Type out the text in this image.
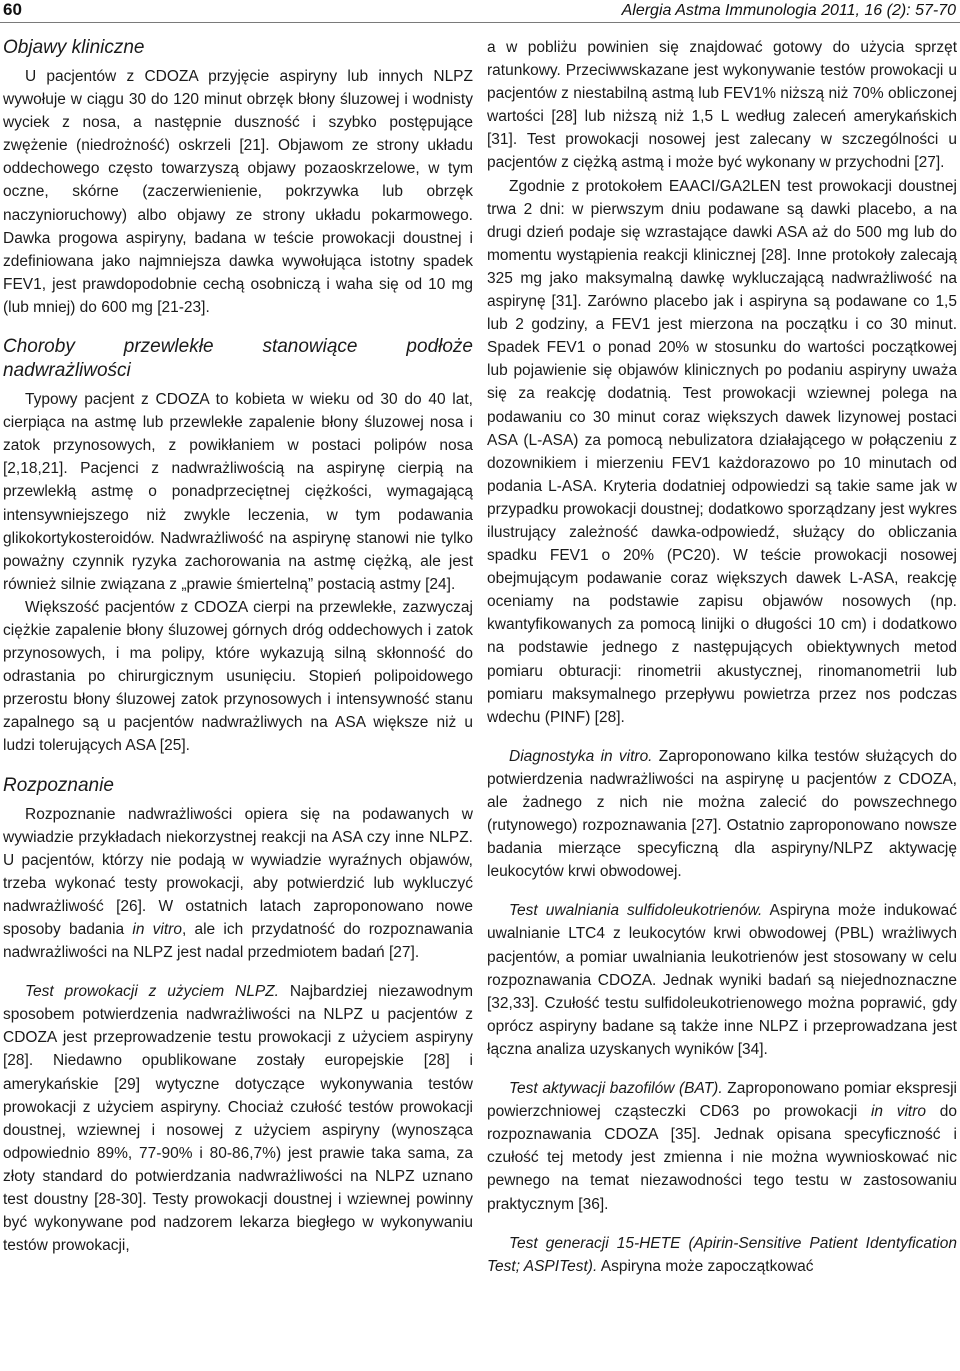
60	Alergia Astma Immunologia 2011, 16 (2): 57-70
Objawy kliniczne

U pacjentów z CDOZA przyjęcie aspiryny lub innych NLPZ wywołuje w ciągu 30 do 120 minut obrzęk błony śluzowej i wodnisty wyciek z nosa, a następnie duszność i szybko postępujące zwężenie (niedrożność) oskrzeli [21]. Objawom ze strony układu oddechowego często towarzyszą objawy pozaoskrzelowe, w tym oczne, skórne (zaczerwienienie, pokrzywka lub obrzęk naczynioruchowy) albo objawy ze strony układu pokarmowego. Dawka progowa aspiryny, badana w teście prowokacji doustnej i zdefiniowana jako najmniejsza dawka wywołująca istotny spadek FEV1, jest prawdopodobnie cechą osobniczą i waha się od 10 mg (lub mniej) do 600 mg [21-23].

Choroby przewlekłe stanowiące podłoże nadwrażliwości

Typowy pacjent z CDOZA to kobieta w wieku od 30 do 40 lat, cierpiąca na astmę lub przewlekłe zapalenie błony śluzowej nosa i zatok przynosowych, z powikłaniem w postaci polipów nosa [2,18,21]. Pacjenci z nadwrażliwością na aspirynę cierpią na przewlekłą astmę o ponadprzeciętnej ciężkości, wymagającą intensywniejszego niż zwykle leczenia, w tym podawania glikokortykosteroidów. Nadwrażliwość na aspirynę stanowi nie tylko poważny czynnik ryzyka zachorowania na astmę ciężką, ale jest również silnie związana z „prawie śmiertelną” postacią astmy [24].

Większość pacjentów z CDOZA cierpi na przewlekłe, zazwyczaj ciężkie zapalenie błony śluzowej górnych dróg oddechowych i zatok przynosowych, i ma polipy, które wykazują silną skłonność do odrastania po chirurgicznym usunięciu. Stopień polipoidowego przerostu błony śluzowej zatok przynosowych i intensywność stanu zapalnego są u pacjentów nadwrażliwych na ASA większe niż u ludzi tolerujących ASA [25].

Rozpoznanie

Rozpoznanie nadwrażliwości opiera się na podawanych w wywiadzie przykładach niekorzystnej reakcji na ASA czy inne NLPZ. U pacjentów, którzy nie podają w wywiadzie wyraźnych objawów, trzeba wykonać testy prowokacji, aby potwierdzić lub wykluczyć nadwrażliwość [26]. W ostatnich latach zaproponowano nowe sposoby badania in vitro, ale ich przydatność do rozpoznawania nadwrażliwości na NLPZ jest nadal przedmiotem badań [27].

Test prowokacji z użyciem NLPZ. Najbardziej niezawodnym sposobem potwierdzenia nadwrażliwości na NLPZ u pacjentów z CDOZA jest przeprowadzenie testu prowokacji z użyciem aspiryny [28]. Niedawno opublikowane zostały europejskie [28] i amerykańskie [29] wytyczne dotyczące wykonywania testów prowokacji z użyciem aspiryny. Chociaż czułość testów prowokacji doustnej, wziewnej i nosowej z użyciem aspiryny (wynosząca odpowiednio 89%, 77-90% i 80-86,7%) jest prawie taka sama, za złoty standard do potwierdzania nadwrażliwości na NLPZ uznano test doustny [28-30]. Testy prowokacji doustnej i wziewnej powinny być wykonywane pod nadzorem lekarza biegłego w wykonywaniu testów prowokacji,

a w pobliżu powinien się znajdować gotowy do użycia sprzęt ratunkowy. Przeciwwskazane jest wykonywanie testów prowokacji u pacjentów z niestabilną astmą lub FEV1% niższą niż 70% obliczonej wartości [28] lub niższą niż 1,5 L według zaleceń amerykańskich [31]. Test prowokacji nosowej jest zalecany w szczególności u pacjentów z ciężką astmą i może być wykonany w przychodni [27].

Zgodnie z protokołem EAACI/GA2LEN test prowokacji doustnej trwa 2 dni: w pierwszym dniu podawane są dawki placebo, a na drugi dzień podaje się wzrastające dawki ASA aż do 500 mg lub do momentu wystąpienia reakcji klinicznej [28]. Inne protokoły zalecają 325 mg jako maksymalną dawkę wykluczającą nadwrażliwość na aspirynę [31]. Zarówno placebo jak i aspiryna są podawane co 1,5 lub 2 godziny, a FEV1 jest mierzona na początku i co 30 minut. Spadek FEV1 o ponad 20% w stosunku do wartości początkowej lub pojawienie się objawów klinicznych po podaniu aspiryny uważa się za reakcję dodatnią. Test prowokacji wziewnej polega na podawaniu co 30 minut coraz większych dawek lizynowej postaci ASA (L-ASA) za pomocą nebulizatora działającego w połączeniu z dozownikiem i mierzeniu FEV1 każdorazowo po 10 minutach od podania L-ASA. Kryteria dodatniej odpowiedzi są takie same jak w przypadku prowokacji doustnej; dodatkowo sporządzany jest wykres ilustrujący zależność dawka-odpowiedź, służący do obliczania spadku FEV1 o 20% (PC20). W teście prowokacji nosowej obejmującym podawanie coraz większych dawek L-ASA, reakcję oceniamy na podstawie zapisu objawów nosowych (np. kwantyfikowanych za pomocą linijki o długości 10 cm) i dodatkowo na podstawie jednego z następujących obiektywnych metod pomiaru obturacji: rinometrii akustycznej, rinomanometrii lub pomiaru maksymalnego przepływu powietrza przez nos podczas wdechu (PINF) [28].

Diagnostyka in vitro. Zaproponowano kilka testów służących do potwierdzenia nadwrażliwości na aspirynę u pacjentów z CDOZA, ale żadnego z nich nie można zalecić do powszechnego (rutynowego) rozpoznawania [27]. Ostatnio zaproponowano nowsze badania mierzące specyficzną dla aspiryny/NLPZ aktywację leukocytów krwi obwodowej.

Test uwalniania sulfidoleukotrienów. Aspiryna może indukować uwalnianie LTC4 z leukocytów krwi obwodowej (PBL) wrażliwych pacjentów, a pomiar uwalniania leukotrienów jest stosowany w celu rozpoznawania CDOZA. Jednak wyniki badań są niejednoznaczne [32,33]. Czułość testu sulfidoleukotrienowego można poprawić, gdy oprócz aspiryny badane są także inne NLPZ i przeprowadzana jest łączna analiza uzyskanych wyników [34].

Test aktywacji bazofilów (BAT). Zaproponowano pomiar ekspresji powierzchniowej cząsteczki CD63 po prowokacji in vitro do rozpoznawania CDOZA [35]. Jednak opisana specyficzność i czułość tej metody jest zmienna i nie można wywnioskować nic pewnego na temat niezawodności tego testu w zastosowaniu praktycznym [36].

Test generacji 15-HETE (Apirin-Sensitive Patient Identyfication Test; ASPITest). Aspiryna może zapoczątkować
